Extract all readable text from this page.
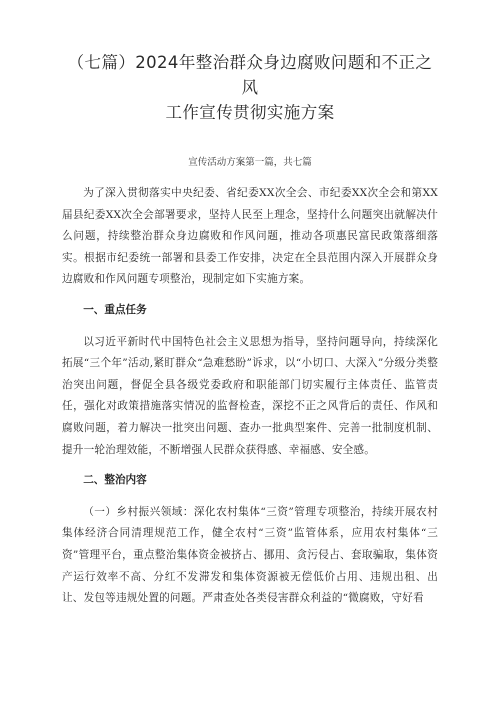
（七篇）2024年整治群众身边腐败问题和不正之风
工作宣传贯彻实施方案
宣传活动方案第一篇，共七篇

为了深入贯彻落实中央纪委、省纪委XX次全会、市纪委XX次全会和第XX届县纪委XX次全会部署要求，坚持人民至上理念，坚持什么问题突出就解决什么问题，持续整治群众身边腐败和作风问题，推动各项惠民富民政策落细落实。根据市纪委统一部署和县委工作安排，决定在全县范围内深入开展群众身边腐败和作风问题专项整治，现制定如下实施方案。

一、重点任务

以习近平新时代中国特色社会主义思想为指导，坚持问题导向，持续深化拓展“三个年”活动,紧盯群众“急难愁盼”诉求，以“小切口、大深入”分级分类整治突出问题，督促全县各级党委政府和职能部门切实履行主体责任、监管责任，强化对政策措施落实情况的监督检查，深挖不正之风背后的责任、作风和腐败问题，着力解决一批突出问题、查办一批典型案件、完善一批制度机制、提升一轮治理效能，不断增强人民群众获得感、幸福感、安全感。

二、整治内容

（一）乡村振兴领域：深化农村集体“三资”管理专项整治，持续开展农村集体经济合同清理规范工作，健全农村“三资”监管体系，应用农村集体“三资”管理平台，重点整治集体资金被挤占、挪用、贪污侵占、套取骗取，集体资产运行效率不高、分红不发滞发和集体资源被无偿低价占用、违规出租、出让、发包等违规处置的问题。严肃查处各类侵害群众利益的“微腐败，守好看
